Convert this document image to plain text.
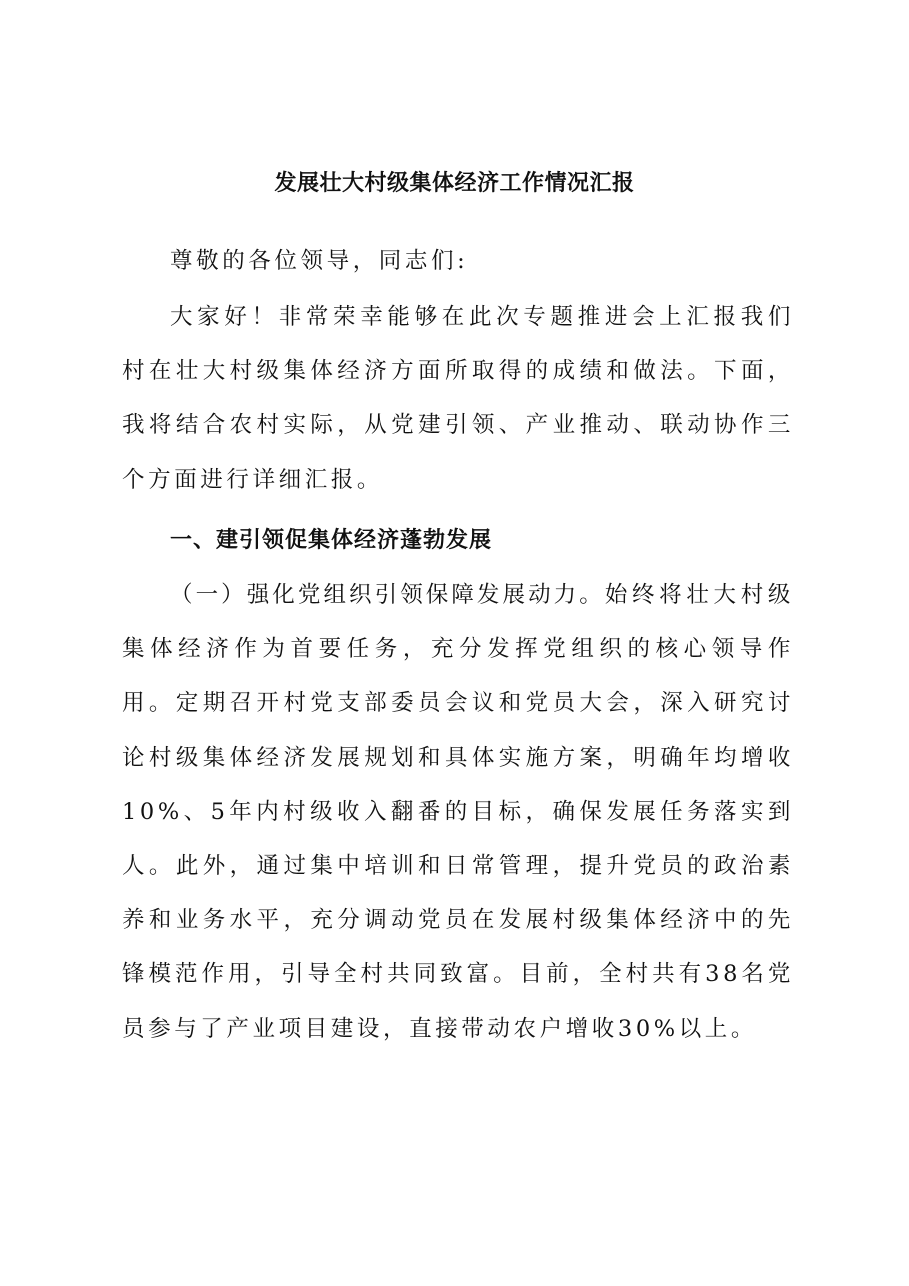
发展壮大村级集体经济工作情况汇报

尊敬的各位领导，同志们:

大家好！非常荣幸能够在此次专题推进会上汇报我们村在壮大村级集体经济方面所取得的成绩和做法。下面，我将结合农村实际，从党建引领、产业推动、联动协作三个方面进行详细汇报。

一、建引领促集体经济蓬勃发展

（一）强化党组织引领保障发展动力。始终将壮大村级集体经济作为首要任务，充分发挥党组织的核心领导作用。定期召开村党支部委员会议和党员大会，深入研究讨论村级集体经济发展规划和具体实施方案，明确年均增收10%、5年内村级收入翻番的目标，确保发展任务落实到人。此外，通过集中培训和日常管理，提升党员的政治素养和业务水平，充分调动党员在发展村级集体经济中的先锋模范作用，引导全村共同致富。目前，全村共有38名党员参与了产业项目建设，直接带动农户增收30%以上。
